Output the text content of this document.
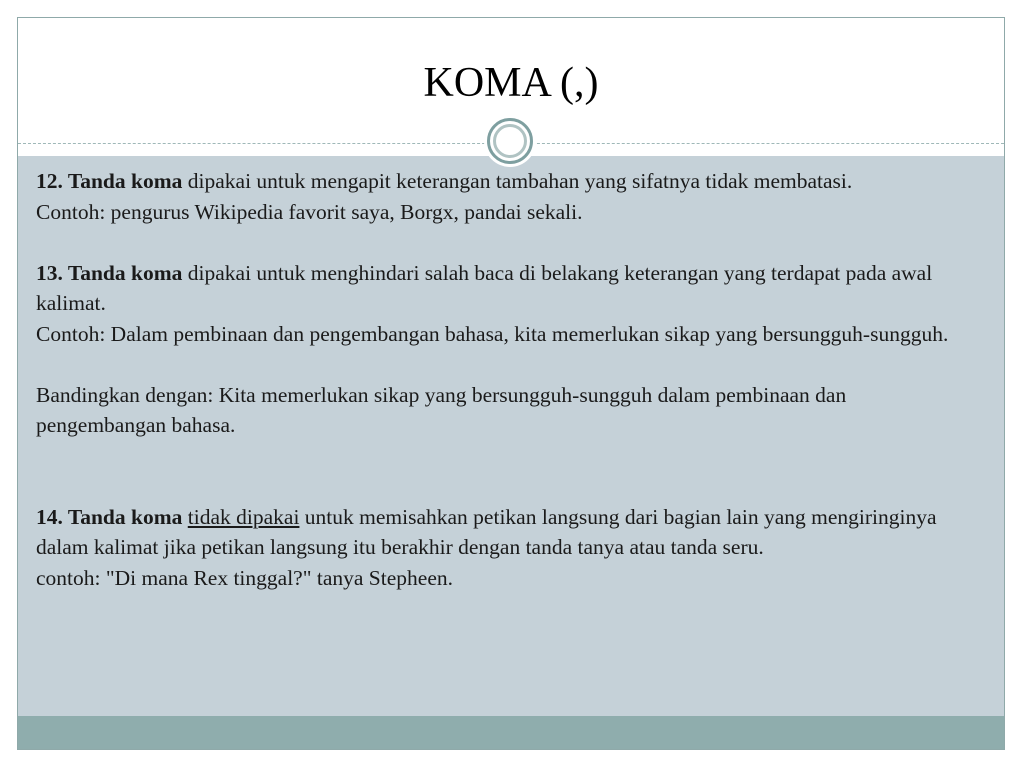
KOMA (,)

12. Tanda koma dipakai untuk mengapit keterangan tambahan yang sifatnya tidak membatasi.

Contoh: pengurus Wikipedia favorit saya, Borgx, pandai sekali.

13. Tanda koma dipakai untuk menghindari salah baca di belakang keterangan yang terdapat pada awal kalimat.

Contoh: Dalam pembinaan dan pengembangan bahasa, kita memerlukan sikap yang bersungguh-sungguh.

Bandingkan dengan: Kita memerlukan sikap yang bersungguh-sungguh dalam pembinaan dan pengembangan bahasa.

14. Tanda koma tidak dipakai untuk memisahkan petikan langsung dari bagian lain yang mengiringinya dalam kalimat jika petikan langsung itu berakhir dengan tanda tanya atau tanda seru.

contoh: "Di mana Rex tinggal?" tanya Stepheen.
